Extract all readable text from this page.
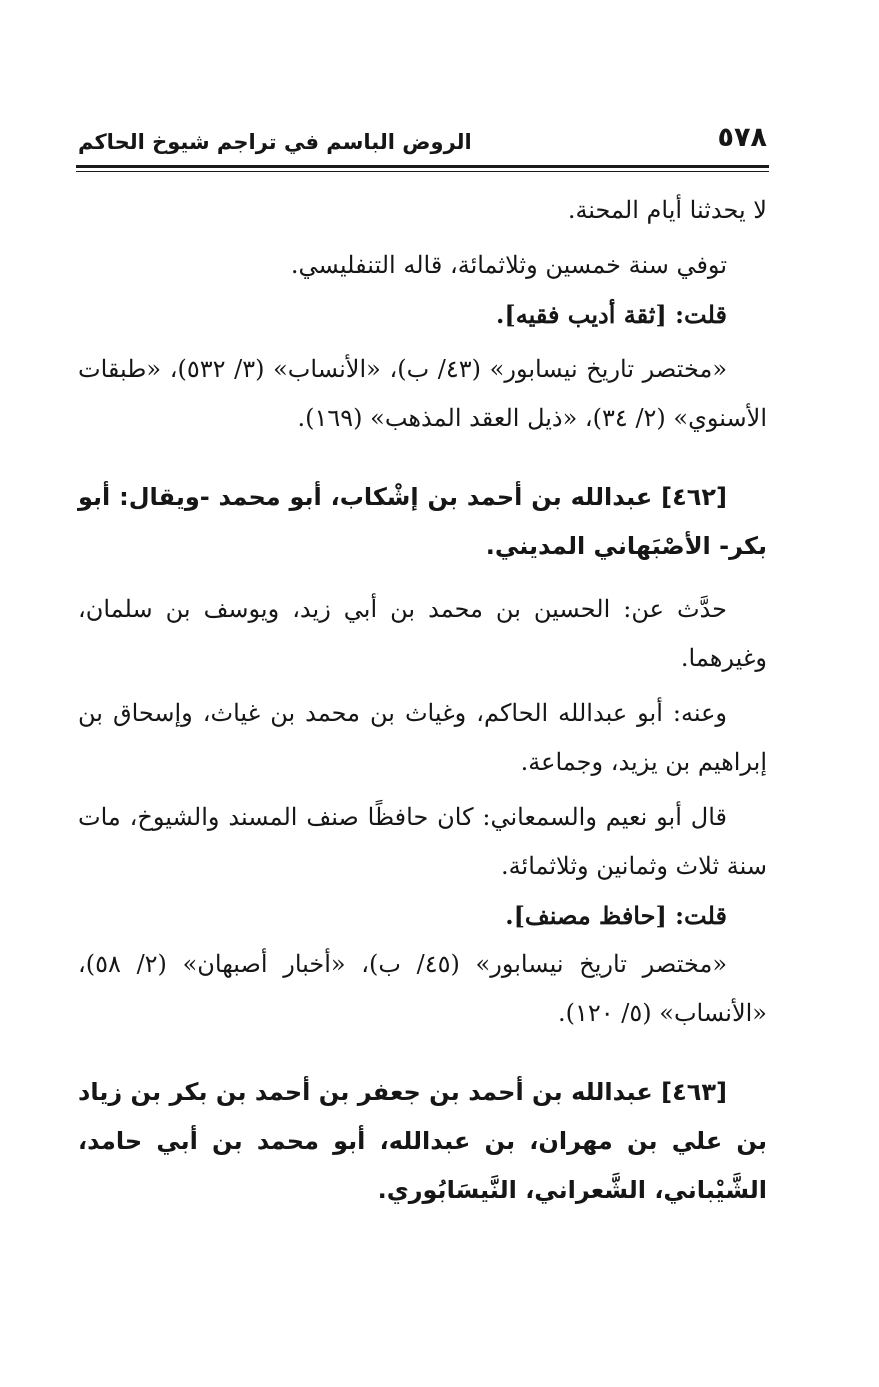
٥٧٨
الروض الباسم في تراجم شيوخ الحاكم

لا يحدثنا أيام المحنة.

توفي سنة خمسين وثلاثمائة، قاله التنفليسي.

قلت: [ثقة أديب فقيه].

«مختصر تاريخ نيسابور» (٤٣/ ب)، «الأنساب» (٣/ ٥٣٢)، «طبقات الأسنوي» (٢/ ٣٤)، «ذيل العقد المذهب» (١٦٩).

[٤٦٢] عبدالله بن أحمد بن إشْكاب، أبو محمد -ويقال: أبو بكر- الأصْبَهاني المديني.

حدَّث عن: الحسين بن محمد بن أبي زيد، ويوسف بن سلمان، وغيرهما.

وعنه: أبو عبدالله الحاكم، وغياث بن محمد بن غياث، وإسحاق بن إبراهيم بن يزيد، وجماعة.

قال أبو نعيم والسمعاني: كان حافظًا صنف المسند والشيوخ، مات سنة ثلاث وثمانين وثلاثمائة.

قلت: [حافظ مصنف].

«مختصر تاريخ نيسابور» (٤٥/ ب)، «أخبار أصبهان» (٢/ ٥٨)، «الأنساب» (٥/ ١٢٠).

[٤٦٣] عبدالله بن أحمد بن جعفر بن أحمد بن بكر بن زياد بن علي بن مهران، بن عبدالله، أبو محمد بن أبي حامد، الشَّيْباني، الشَّعراني، النَّيسَابُوري.
